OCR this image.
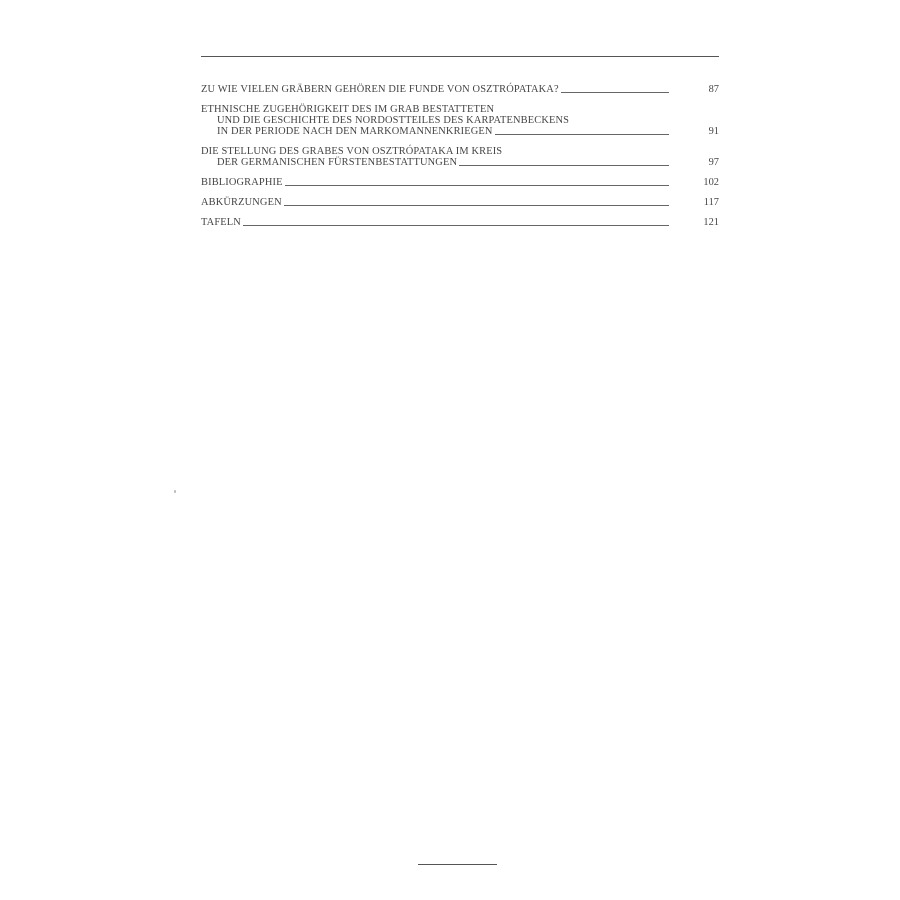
ZU WIE VIELEN GRÄBERN GEHÖREN DIE FUNDE VON OSZTRÓPATAKA?	87
ETHNISCHE ZUGEHÖRIGKEIT DES IM GRAB BESTATTETEN
UND DIE GESCHICHTE DES NORDOSTTEILES DES KARPATENBECKENS
IN DER PERIODE NACH DEN MARKOMANNENKRIEGEN	91
DIE STELLUNG DES GRABES VON OSZTRÓPATAKA IM KREIS
DER GERMANISCHEN FÜRSTENBESTATTUNGEN	97
BIBLIOGRAPHIE	102
ABKÜRZUNGEN	117
TAFELN	121
